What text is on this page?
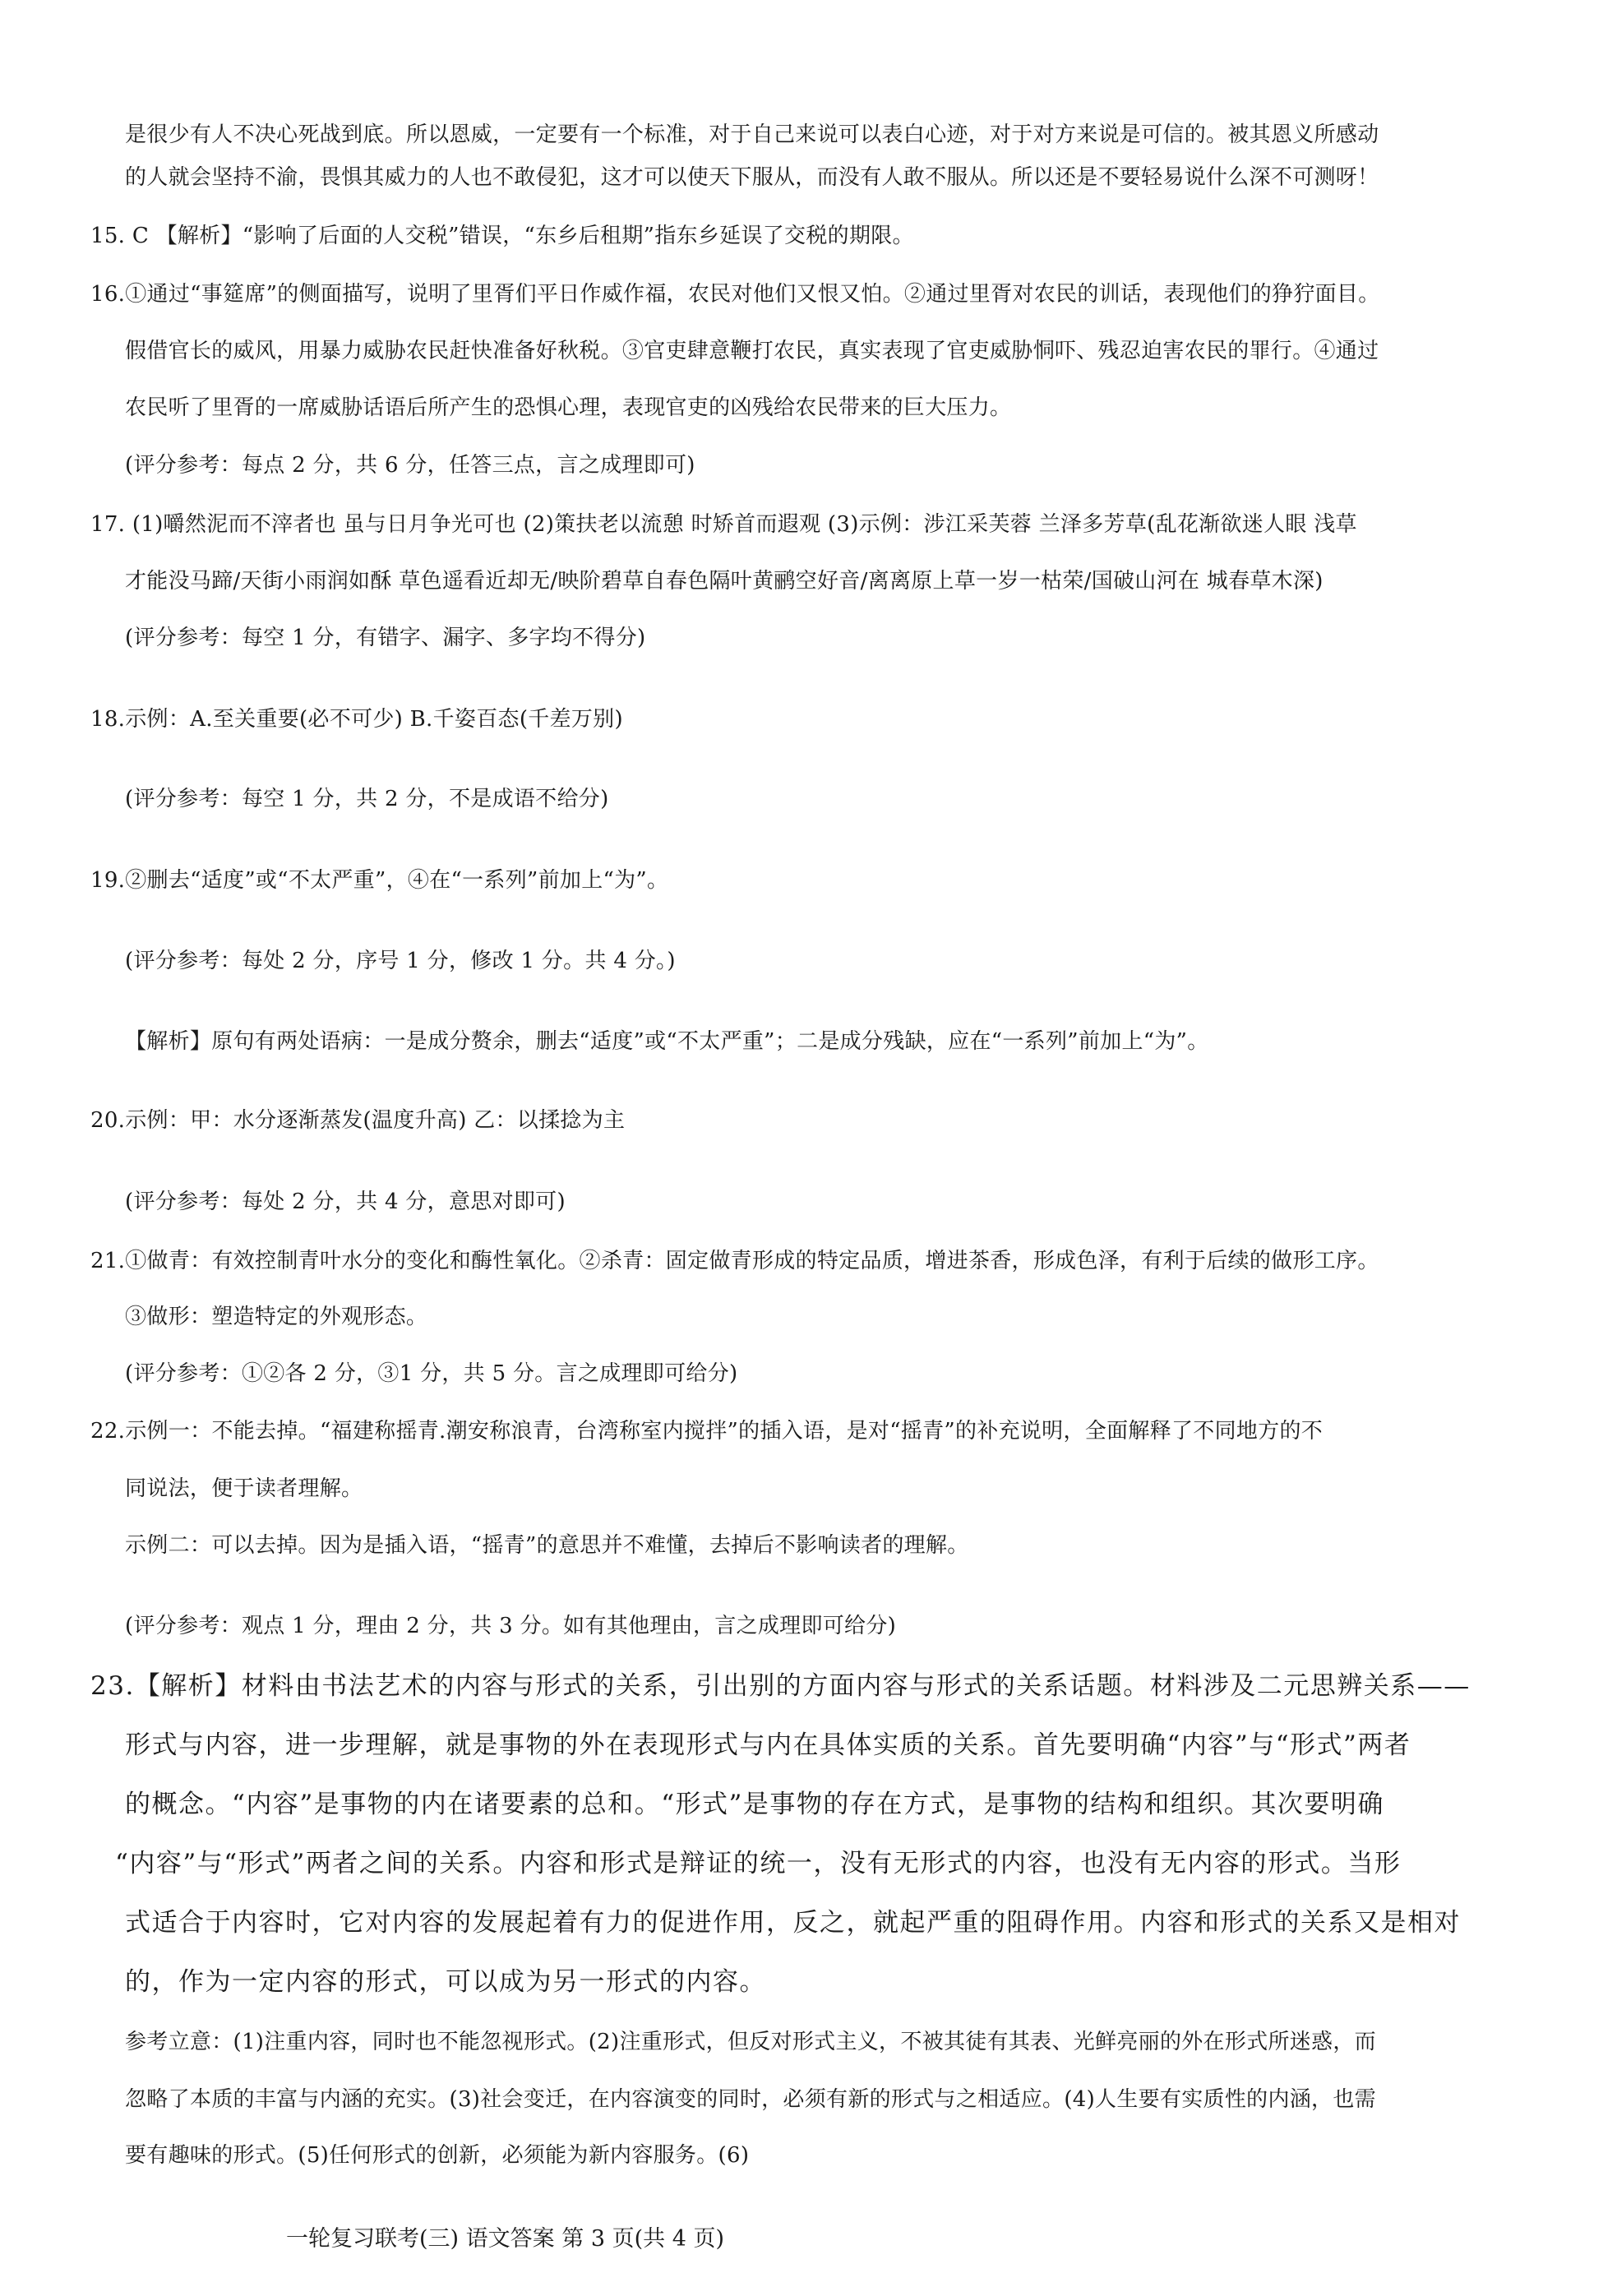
是很少有人不决心死战到底。所以恩威，一定要有一个标准，对于自己来说可以表白心迹，对于对方来说是可信的。被其恩义所感动
的人就会坚持不渝，畏惧其威力的人也不敢侵犯，这才可以使天下服从，而没有人敢不服从。所以还是不要轻易说什么深不可测呀！
15. C 【解析】“影响了后面的人交税”错误，“东乡后租期”指东乡延误了交税的期限。
16.①通过“事筵席”的侧面描写，说明了里胥们平日作威作福，农民对他们又恨又怕。②通过里胥对农民的训话，表现他们的狰狞面目。
假借官长的威风，用暴力威胁农民赶快准备好秋税。③官吏肆意鞭打农民，真实表现了官吏威胁恫吓、残忍迫害农民的罪行。④通过
农民听了里胥的一席威胁话语后所产生的恐惧心理，表现官吏的凶残给农民带来的巨大压力。
(评分参考：每点 2 分，共 6 分，任答三点，言之成理即可)
17. (1)嚼然泥而不滓者也 虽与日月争光可也 (2)策扶老以流憩 时矫首而遐观 (3)示例：涉江采芙蓉 兰泽多芳草(乱花渐欲迷人眼 浅草
才能没马蹄/天街小雨润如酥 草色遥看近却无/映阶碧草自春色隔叶黄鹂空好音/离离原上草一岁一枯荣/国破山河在 城春草木深)
(评分参考：每空 1 分，有错字、漏字、多字均不得分)
18.示例：A.至关重要(必不可少) B.千姿百态(千差万别)
(评分参考：每空 1 分，共 2 分，不是成语不给分)
19.②删去“适度”或“不太严重”，④在“一系列”前加上“为”。
(评分参考：每处 2 分，序号 1 分，修改 1 分。共 4 分。)
【解析】原句有两处语病：一是成分赘余，删去“适度”或“不太严重”；二是成分残缺，应在“一系列”前加上“为”。
20.示例：甲：水分逐渐蒸发(温度升高) 乙：以揉捻为主
(评分参考：每处 2 分，共 4 分，意思对即可)
21.①做青：有效控制青叶水分的变化和酶性氧化。②杀青：固定做青形成的特定品质，增进茶香，形成色泽，有利于后续的做形工序。
③做形：塑造特定的外观形态。
(评分参考：①②各 2 分，③1 分，共 5 分。言之成理即可给分)
22.示例一：不能去掉。“福建称摇青.潮安称浪青，台湾称室内搅拌”的插入语，是对“摇青”的补充说明，全面解释了不同地方的不
同说法，便于读者理解。
示例二：可以去掉。因为是插入语，“摇青”的意思并不难懂，去掉后不影响读者的理解。
(评分参考：观点 1 分，理由 2 分，共 3 分。如有其他理由，言之成理即可给分)
23.【解析】材料由书法艺术的内容与形式的关系，引出别的方面内容与形式的关系话题。材料涉及二元思辨关系——
形式与内容，进一步理解，就是事物的外在表现形式与内在具体实质的关系。首先要明确“内容”与“形式”两者
的概念。“内容”是事物的内在诸要素的总和。“形式”是事物的存在方式，是事物的结构和组织。其次要明确
“内容”与“形式”两者之间的关系。内容和形式是辩证的统一，没有无形式的内容，也没有无内容的形式。当形
式适合于内容时，它对内容的发展起着有力的促进作用，反之，就起严重的阻碍作用。内容和形式的关系又是相对
的，作为一定内容的形式，可以成为另一形式的内容。
参考立意：(1)注重内容，同时也不能忽视形式。(2)注重形式，但反对形式主义，不被其徒有其表、光鲜亮丽的外在形式所迷惑，而
忽略了本质的丰富与内涵的充实。(3)社会变迁，在内容演变的同时，必须有新的形式与之相适应。(4)人生要有实质性的内涵，也需
要有趣味的形式。(5)任何形式的创新，必须能为新内容服务。(6)
一轮复习联考(三) 语文答案 第 3 页(共 4 页)
